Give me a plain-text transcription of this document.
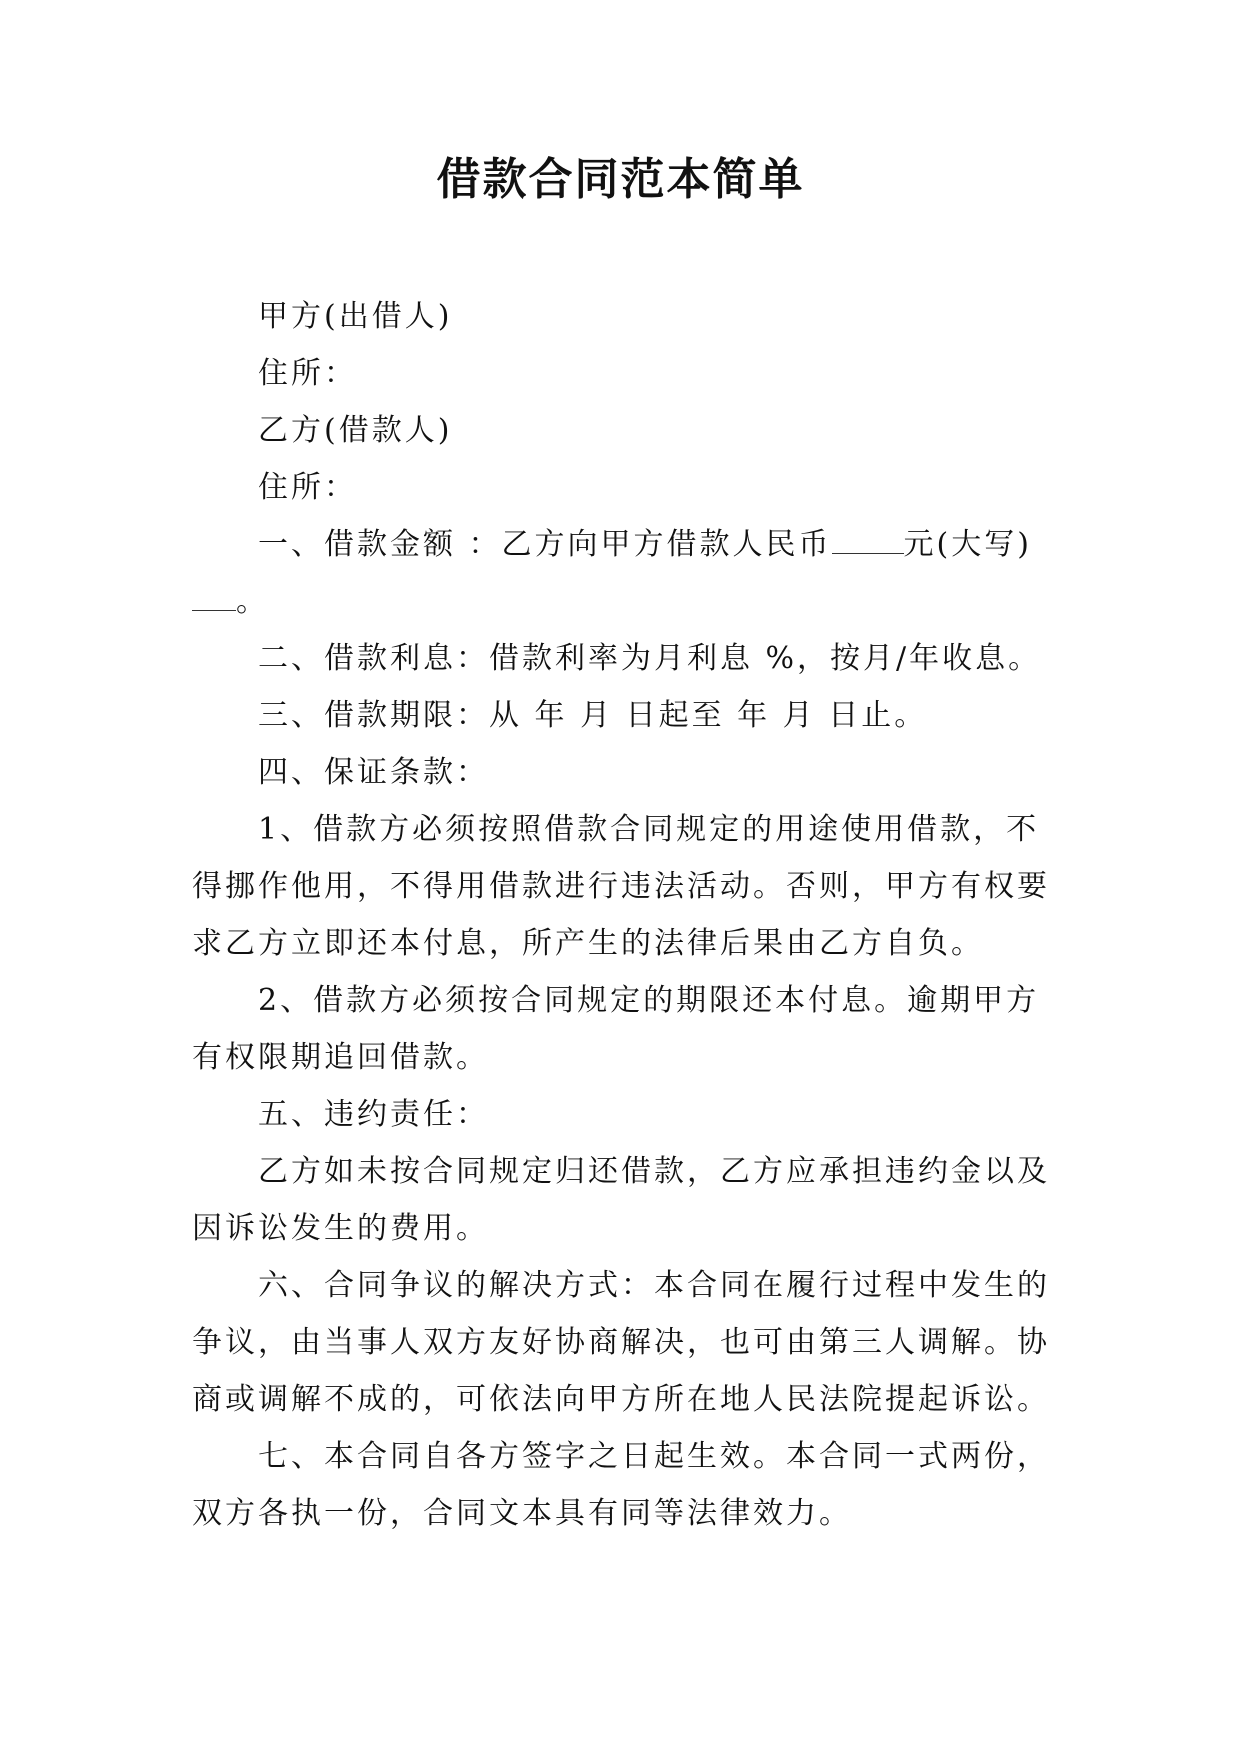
借款合同范本简单
甲方(出借人)
住所：
乙方(借款人)
住所：
一、借款金额 ：乙方向甲方借款人民币 元(大写)
。
二、借款利息：借款利率为月利息 %，按月/年收息。
三、借款期限：从 年 月 日起至 年 月 日止。
四、保证条款：
1、借款方必须按照借款合同规定的用途使用借款，不
得挪作他用，不得用借款进行违法活动。否则，甲方有权要
求乙方立即还本付息，所产生的法律后果由乙方自负。
2、借款方必须按合同规定的期限还本付息。逾期甲方
有权限期追回借款。
五、违约责任：
乙方如未按合同规定归还借款，乙方应承担违约金以及
因诉讼发生的费用。
六、合同争议的解决方式：本合同在履行过程中发生的
争议，由当事人双方友好协商解决，也可由第三人调解。协
商或调解不成的，可依法向甲方所在地人民法院提起诉讼。
七、本合同自各方签字之日起生效。本合同一式两份，
双方各执一份，合同文本具有同等法律效力。
